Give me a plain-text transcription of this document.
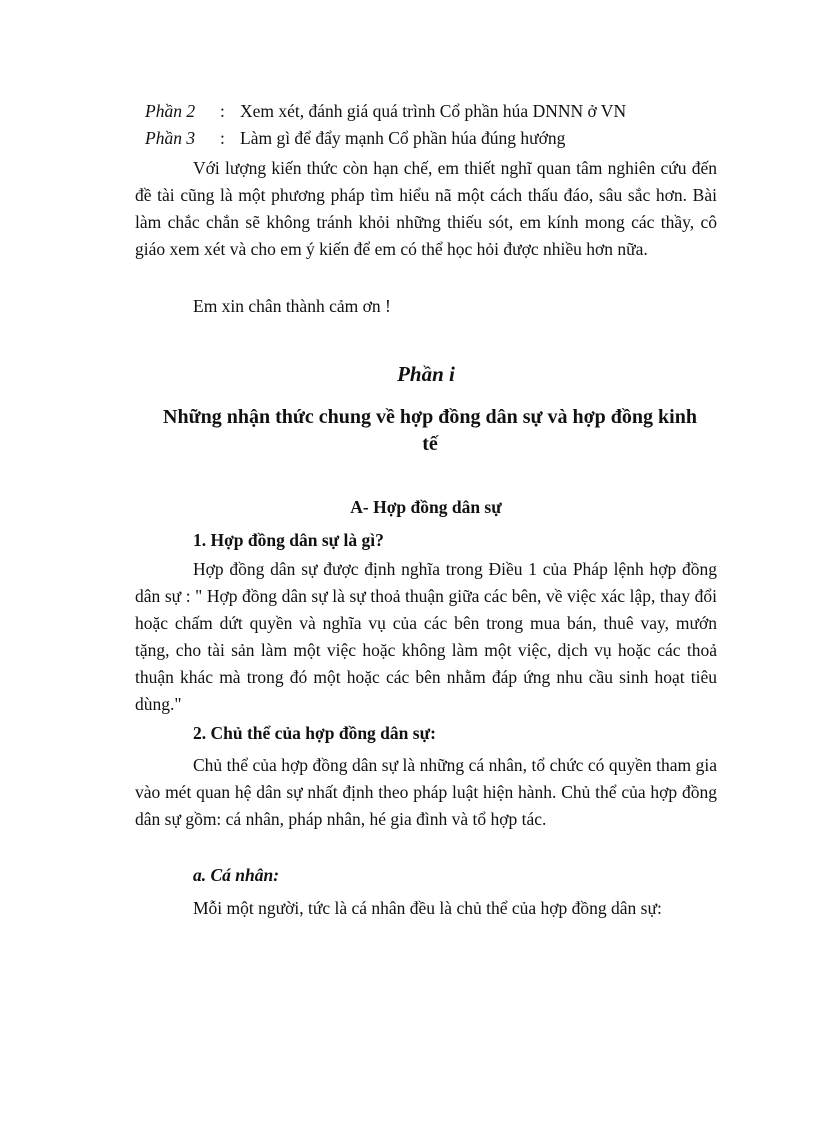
Phần 2 : Xem xét, đánh giá quá trình Cổ phần húa DNNN ở VN
Phần 3 : Làm gì để đẩy mạnh Cổ phần húa đúng hướng

Với lượng kiến thức còn hạn chế, em thiết nghĩ quan tâm nghiên cứu đến đề tài cũng là một phương pháp tìm hiểu nã một cách thấu đáo, sâu sắc hơn. Bài làm chắc chắn sẽ không tránh khỏi những thiếu sót, em kính mong các thầy, cô giáo xem xét và cho em ý kiến để em có thể học hỏi được nhiều hơn nữa.

Em xin chân thành cảm ơn !

Phần i
Những nhận thức chung về hợp đồng dân sự và hợp đồng kinh tế
A- Hợp đồng dân sự
1. Hợp đồng dân sự là gì?

Hợp đồng dân sự được định nghĩa trong Điều 1 của Pháp lệnh hợp đồng dân sự : " Hợp đồng dân sự là sự thoả thuận giữa các bên, về việc xác lập, thay đổi hoặc chấm dứt quyền và nghĩa vụ của các bên trong mua bán, thuê vay, mướn tặng, cho tài sản làm một việc hoặc không làm một việc, dịch vụ hoặc các thoả thuận khác mà trong đó một hoặc các bên nhằm đáp ứng nhu cầu sinh hoạt tiêu dùng."

2. Chủ thể của hợp đồng dân sự:

Chủ thể của hợp đồng dân sự là những cá nhân, tổ chức có quyền tham gia vào mét quan hệ dân sự nhất định theo pháp luật hiện hành. Chủ thể của hợp đồng dân sự gồm: cá nhân, pháp nhân, hé gia đình và tổ hợp tác.

a. Cá nhân:

Mỗi một người, tức là cá nhân đều là chủ thể của hợp đồng dân sự:
